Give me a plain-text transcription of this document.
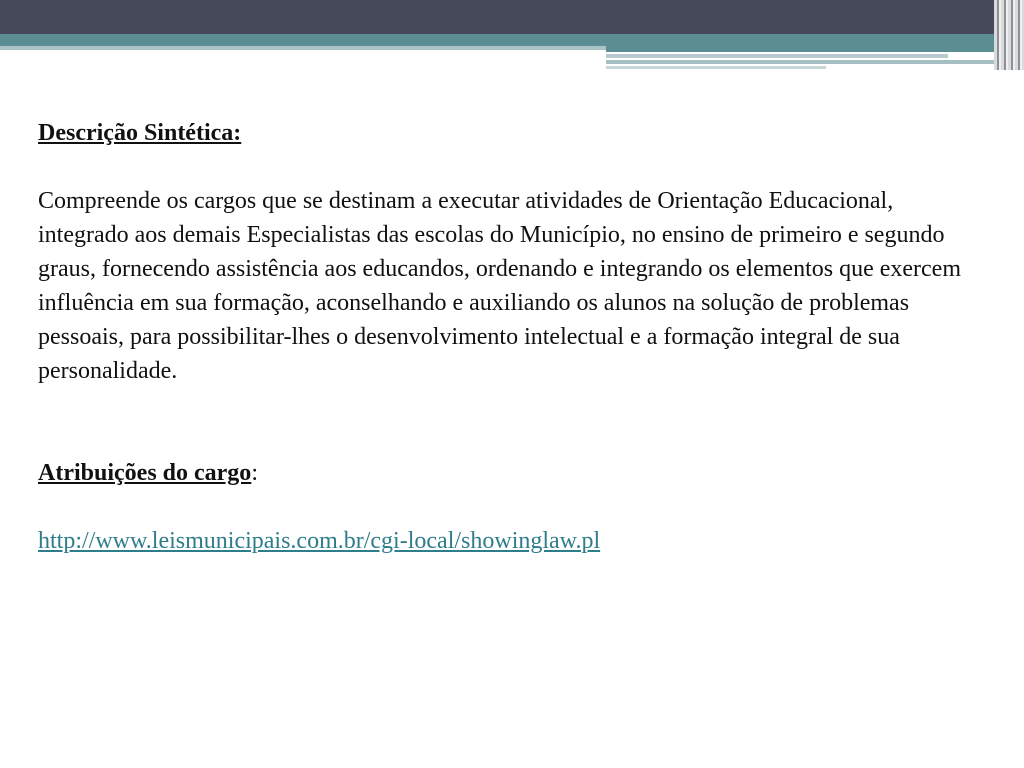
Descrição Sintética:

Compreende os cargos que se destinam a executar atividades de Orientação Educacional, integrado aos demais Especialistas das escolas do Município, no ensino de primeiro e segundo graus, fornecendo assistência aos educandos, ordenando e integrando os elementos que exercem influência em sua formação, aconselhando e auxiliando os alunos na solução de problemas pessoais, para possibilitar-lhes o desenvolvimento intelectual e a formação integral de sua personalidade.

Atribuições do cargo:

http://www.leismunicipais.com.br/cgi-local/showinglaw.pl
